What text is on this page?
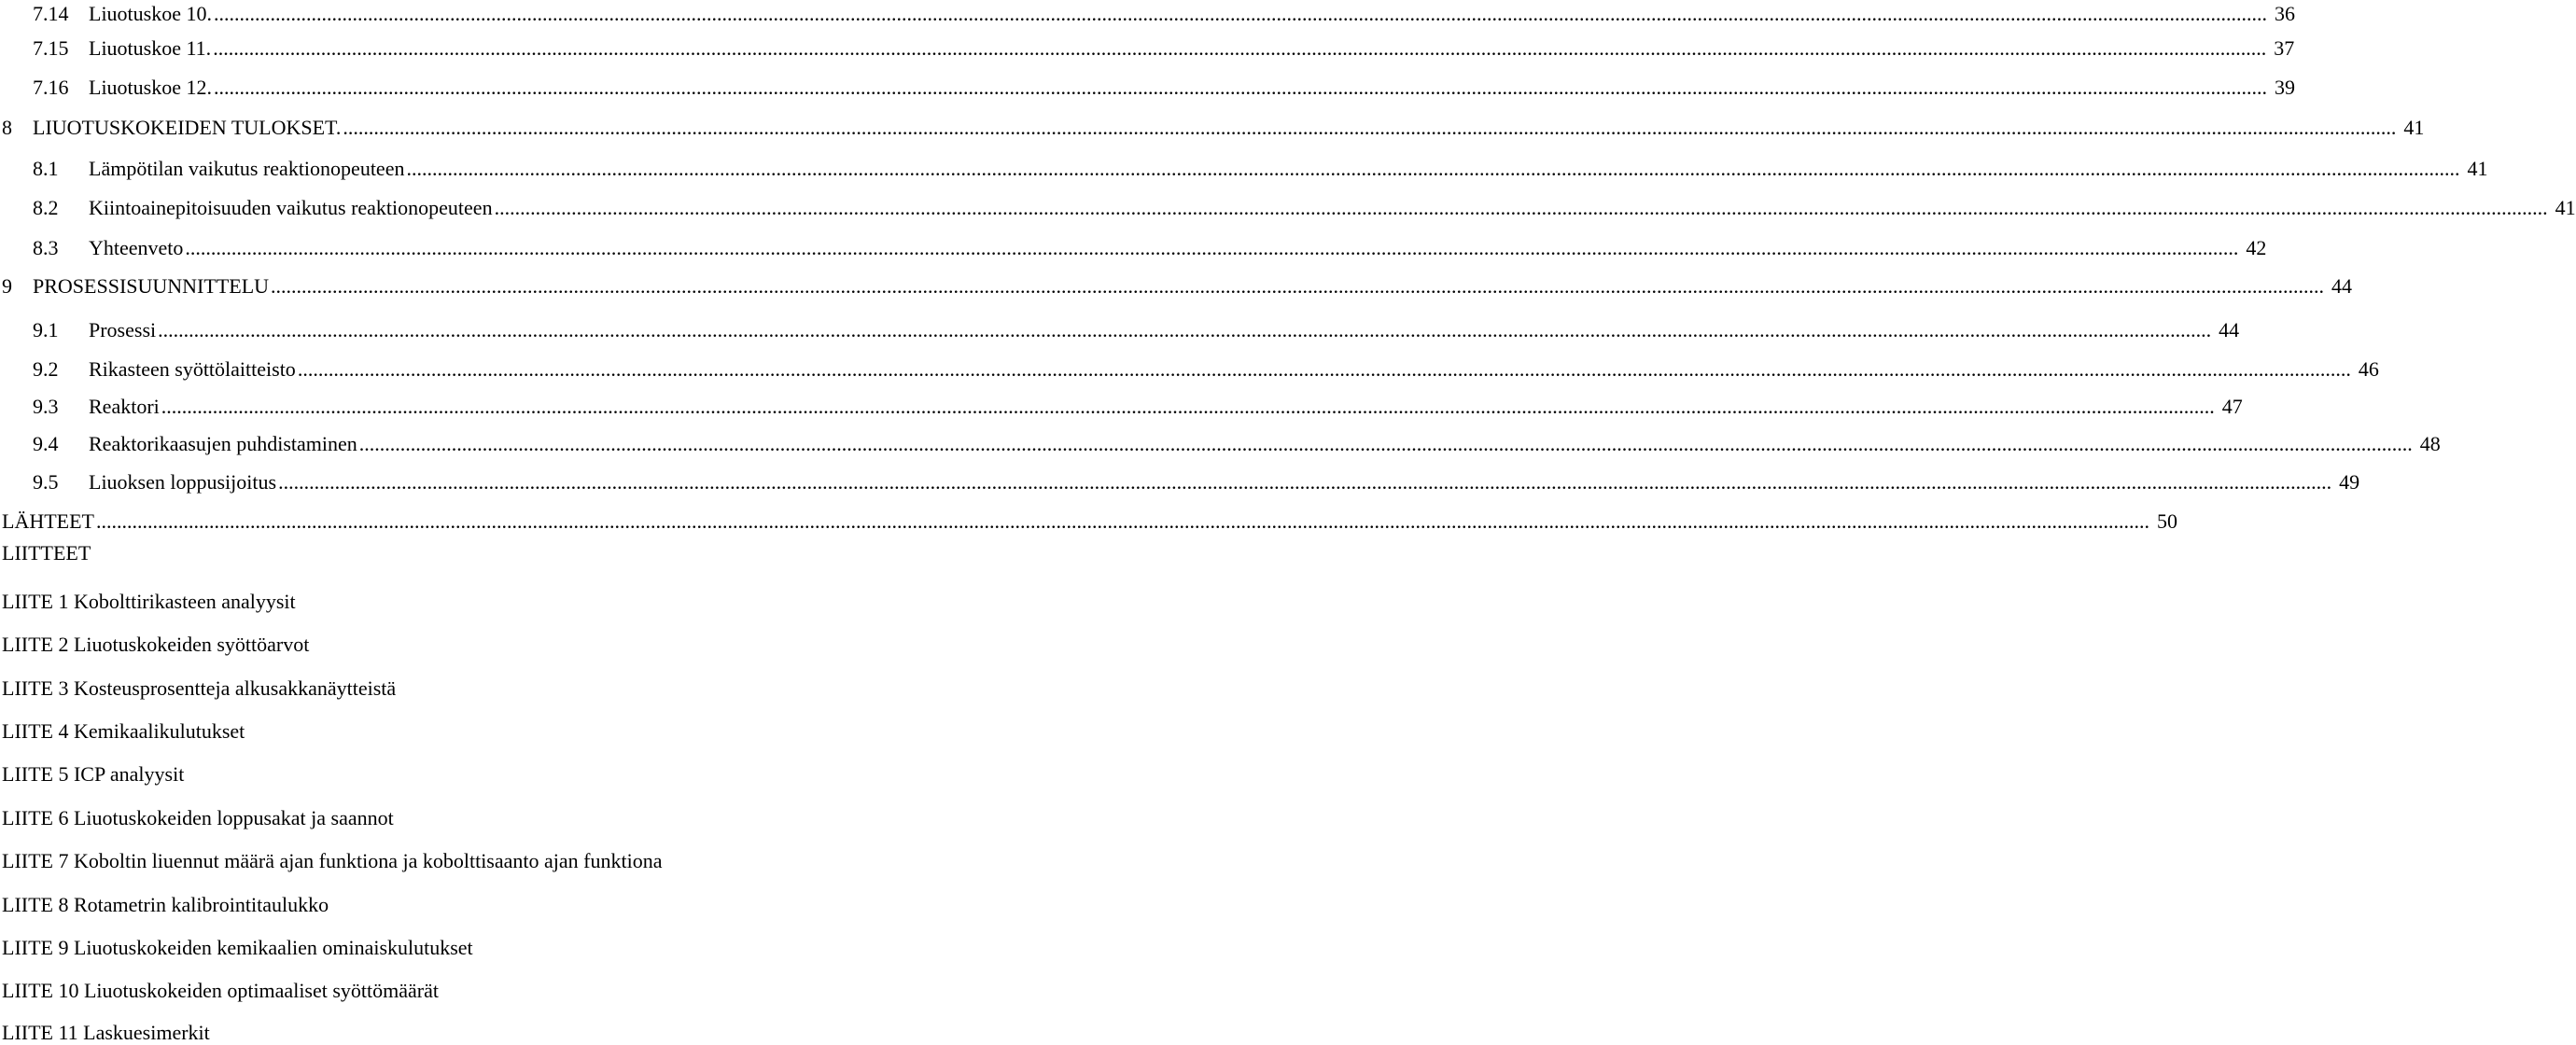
7.14 Liuotuskoe 10. ................................................................................................................................................................................................................................................................................................................................................................................................................ 36
7.15 Liuotuskoe 11. ................................................................................................................................................................................................................................................................................................................................................................................................................ 37
7.16 Liuotuskoe 12. ................................................................................................................................................................................................................................................................................................................................................................................................................ 39
8	LIUOTUSKOKEIDEN TULOKSET. ................................................................................................................................................................................................................................................................................................................................................................................................................ 41
8.1	Lämpötilan vaikutus reaktionopeuteen ................................................................................................................................................................................................................................................................................................................................................................................................................ 41
8.2	Kiintoainepitoisuuden vaikutus reaktionopeuteen ................................................................................................................................................................................................................................................................................................................................................................................................................ 41
8.3	Yhteenveto ................................................................................................................................................................................................................................................................................................................................................................................................................ 42
9	PROSESSISUUNNITTELU ................................................................................................................................................................................................................................................................................................................................................................................................................ 44
9.1	Prosessi ................................................................................................................................................................................................................................................................................................................................................................................................................ 44
9.2	Rikasteen syöttölaitteisto ................................................................................................................................................................................................................................................................................................................................................................................................................ 46
9.3	Reaktori ................................................................................................................................................................................................................................................................................................................................................................................................................ 47
9.4	Reaktorikaasujen puhdistaminen ................................................................................................................................................................................................................................................................................................................................................................................................................ 48
9.5	Liuoksen loppusijoitus ................................................................................................................................................................................................................................................................................................................................................................................................................ 49
LÄHTEET ................................................................................................................................................................................................................................................................................................................................................................................................................ 50
LIITTEET
LIITE 1 Kobolttirikasteen analyysit
LIITE 2 Liuotuskokeiden syöttöarvot
LIITE 3 Kosteusprosentteja alkusakkanäytteistä
LIITE 4 Kemikaalikulutukset
LIITE 5 ICP analyysit
LIITE 6 Liuotuskokeiden loppusakat ja saannot
LIITE 7 Koboltin liuennut määrä ajan funktiona ja kobolttisaanto ajan funktiona
LIITE 8 Rotametrin kalibrointitaulukko
LIITE 9 Liuotuskokeiden kemikaalien ominaiskulutukset
LIITE 10 Liuotuskokeiden optimaaliset syöttömäärät
LIITE 11 Laskuesimerkit
